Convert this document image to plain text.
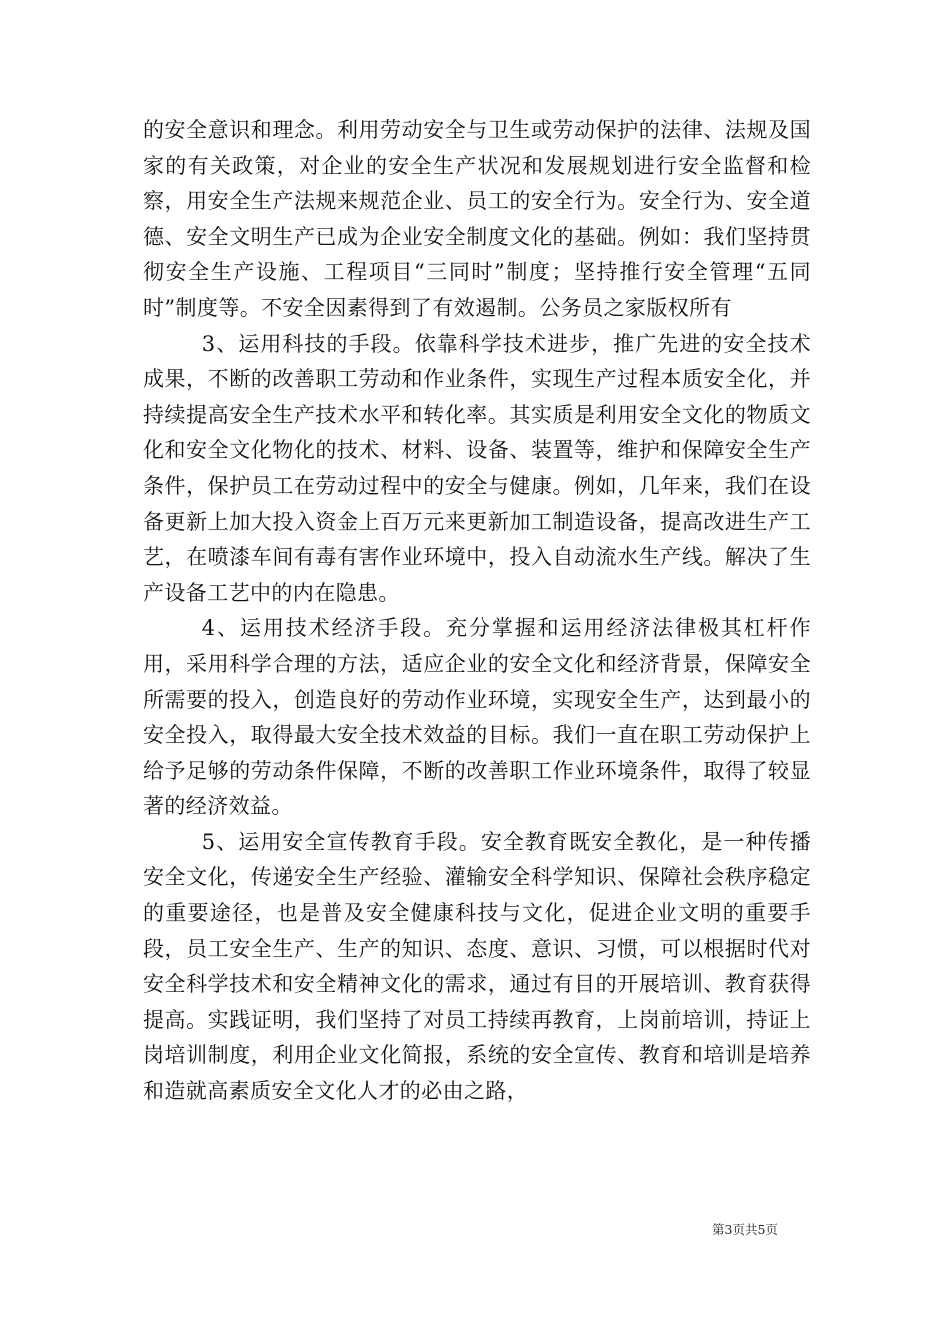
的安全意识和理念。利用劳动安全与卫生或劳动保护的法律、法规及国家的有关政策，对企业的安全生产状况和发展规划进行安全监督和检察，用安全生产法规来规范企业、员工的安全行为。安全行为、安全道德、安全文明生产已成为企业安全制度文化的基础。例如：我们坚持贯彻安全生产设施、工程项目“三同时”制度；坚持推行安全管理“五同时”制度等。不安全因素得到了有效遏制。公务员之家版权所有

3、运用科技的手段。依靠科学技术进步，推广先进的安全技术成果，不断的改善职工劳动和作业条件，实现生产过程本质安全化，并持续提高安全生产技术水平和转化率。其实质是利用安全文化的物质文化和安全文化物化的技术、材料、设备、装置等，维护和保障安全生产条件，保护员工在劳动过程中的安全与健康。例如，几年来，我们在设备更新上加大投入资金上百万元来更新加工制造设备，提高改进生产工艺，在喷漆车间有毒有害作业环境中，投入自动流水生产线。解决了生产设备工艺中的内在隐患。

4、运用技术经济手段。充分掌握和运用经济法律极其杠杆作用，采用科学合理的方法，适应企业的安全文化和经济背景，保障安全所需要的投入，创造良好的劳动作业环境，实现安全生产，达到最小的安全投入，取得最大安全技术效益的目标。我们一直在职工劳动保护上给予足够的劳动条件保障，不断的改善职工作业环境条件，取得了较显著的经济效益。

5、运用安全宣传教育手段。安全教育既安全教化，是一种传播安全文化，传递安全生产经验、灌输安全科学知识、保障社会秩序稳定的重要途径，也是普及安全健康科技与文化，促进企业文明的重要手段，员工安全生产、生产的知识、态度、意识、习惯，可以根据时代对安全科学技术和安全精神文化的需求，通过有目的开展培训、教育获得提高。实践证明，我们坚持了对员工持续再教育，上岗前培训，持证上岗培训制度，利用企业文化简报，系统的安全宣传、教育和培训是培养和造就高素质安全文化人才的必由之路，

第3页共5页
